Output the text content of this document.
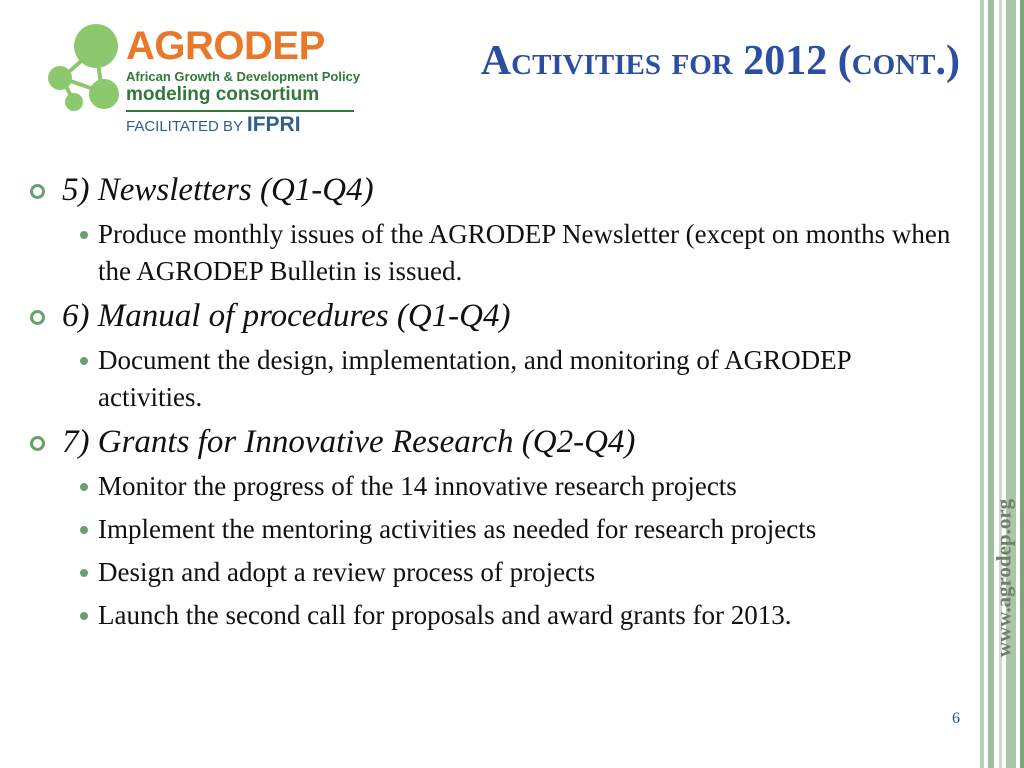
www.agrodep.org
AGRODEP
African Growth & Development Policy
modeling consortium
FACILITATED BY IFPRI
Activities for 2012 (cont.)
5) Newsletters (Q1-Q4)
Produce monthly issues of the AGRODEP Newsletter (except on months when the AGRODEP Bulletin is issued.
6) Manual of procedures (Q1-Q4)
Document the design, implementation, and monitoring of AGRODEP activities.
7) Grants for Innovative Research (Q2-Q4)
Monitor the progress of the 14 innovative research projects
Implement the mentoring activities as needed for research projects
Design and adopt a review process of projects
Launch the second call for proposals and award grants for 2013.
6
